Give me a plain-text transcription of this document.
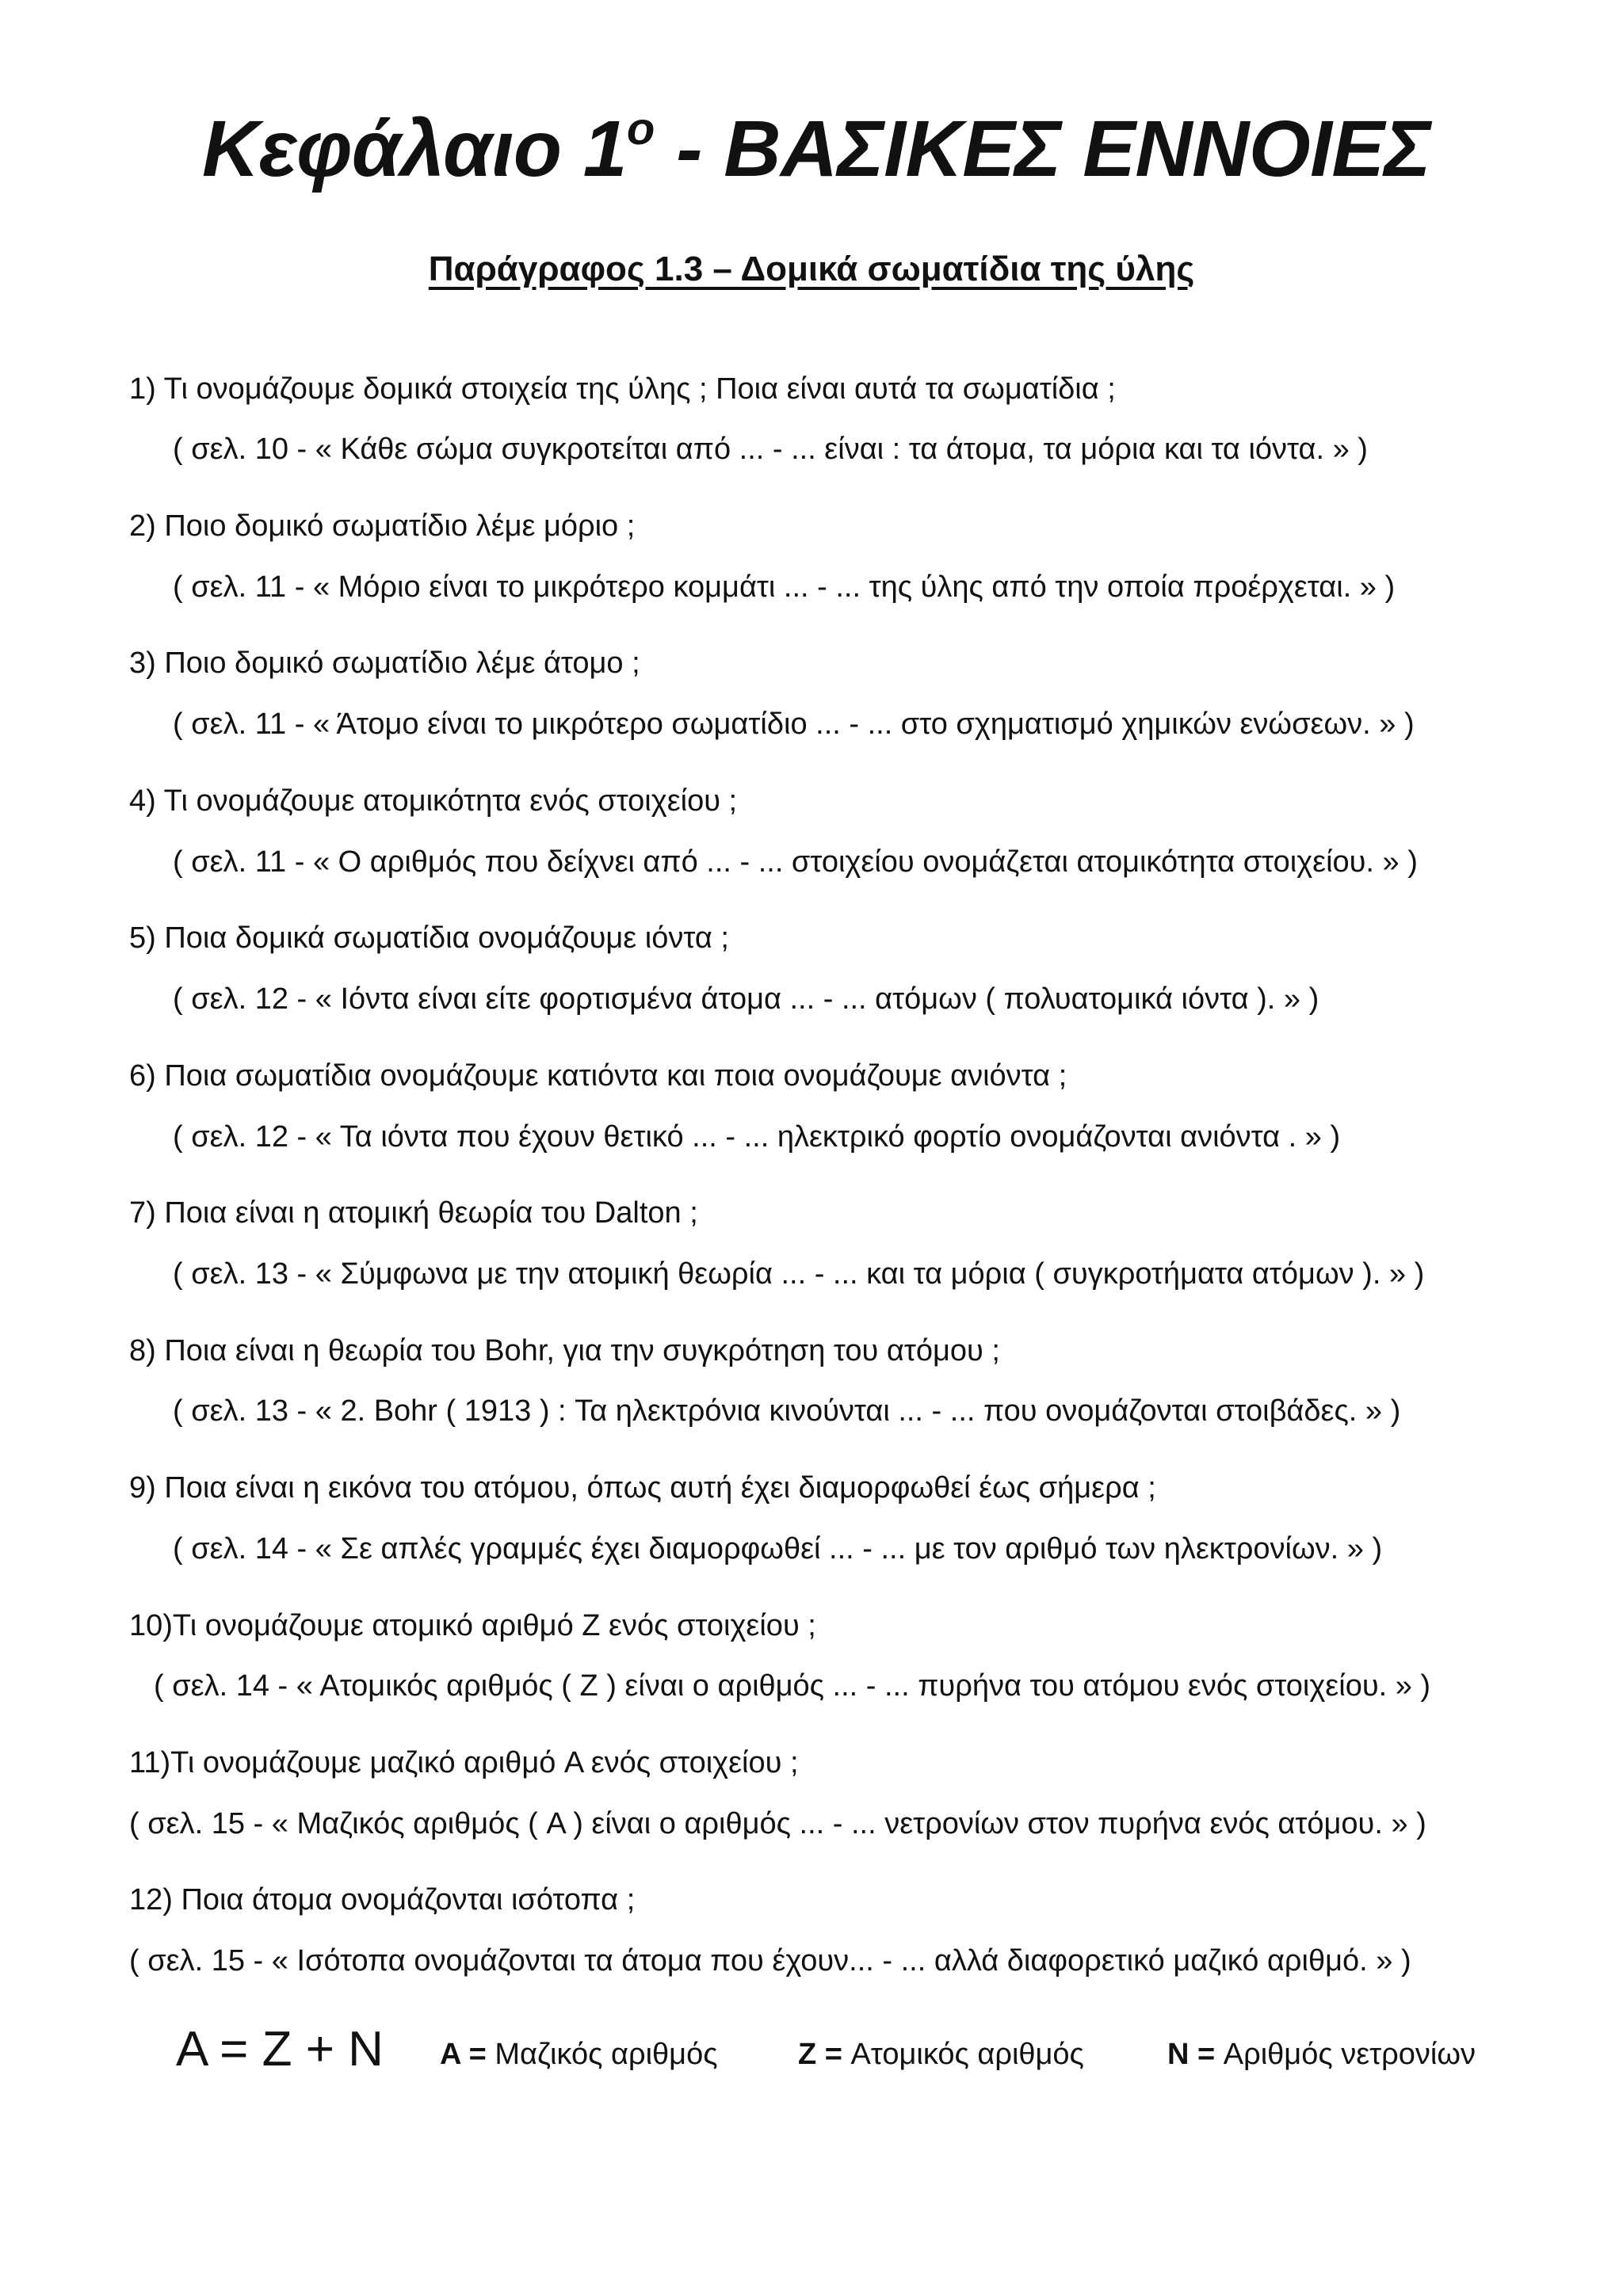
Κεφάλαιο $1^o$ - ΒΑΣΙΚΕΣ ΕΝΝΟΙΕΣ
Παράγραφος 1.3 – Δομικά σωματίδια της ύλης

1) Τι ονομάζουμε δομικά στοιχεία της ύλης ; Ποια είναι αυτά τα σωματίδια ;

( σελ. 10 - « Κάθε σώμα συγκροτείται από ... - ... είναι : τα άτομα, τα μόρια και τα ιόντα. » )

2) Ποιο δομικό σωματίδιο λέμε μόριο ;

( σελ. 11 - « Μόριο είναι το μικρότερο κομμάτι ... - ... της ύλης από την οποία προέρχεται. » )

3) Ποιο δομικό σωματίδιο λέμε άτομο ;

( σελ. 11 - « Άτομο είναι το μικρότερο σωματίδιο ... - ... στο σχηματισμό χημικών ενώσεων. » )

4) Τι ονομάζουμε ατομικότητα ενός στοιχείου ;

( σελ. 11 - « Ο αριθμός που δείχνει από ... - ... στοιχείου ονομάζεται ατομικότητα στοιχείου. » )

5) Ποια δομικά σωματίδια ονομάζουμε ιόντα ;

( σελ. 12 - « Ιόντα είναι είτε φορτισμένα άτομα ... - ... ατόμων ( πολυατομικά ιόντα ). » )

6) Ποια σωματίδια ονομάζουμε κατιόντα και ποια ονομάζουμε ανιόντα ;

( σελ. 12 - « Τα ιόντα που έχουν θετικό ... - ... ηλεκτρικό φορτίο ονομάζονται ανιόντα . » )

7) Ποια είναι η ατομική θεωρία του Dalton ;

( σελ. 13 - « Σύμφωνα με την ατομική θεωρία ... - ... και τα μόρια ( συγκροτήματα ατόμων ). » )

8) Ποια είναι η θεωρία του Bohr, για την συγκρότηση του ατόμου ;

( σελ. 13 - « 2. Bohr ( 1913 ) : Τα ηλεκτρόνια κινούνται ... - ... που ονομάζονται στοιβάδες. » )

9) Ποια είναι η εικόνα του ατόμου, όπως αυτή έχει διαμορφωθεί έως σήμερα ;

( σελ. 14 - « Σε απλές γραμμές έχει διαμορφωθεί ... - ... με τον αριθμό των ηλεκτρονίων. » )

10)Τι ονομάζουμε ατομικό αριθμό Z ενός στοιχείου ;

( σελ. 14 - « Ατομικός αριθμός ( Z ) είναι ο αριθμός ... - ... πυρήνα του ατόμου ενός στοιχείου. » )

11)Τι ονομάζουμε μαζικό αριθμό A ενός στοιχείου ;

( σελ. 15 - « Μαζικός αριθμός ( A ) είναι ο αριθμός ... - ... νετρονίων στον πυρήνα ενός ατόμου. » )

12) Ποια άτομα ονομάζονται ισότοπα ;

( σελ. 15 - « Ισότοπα ονομάζονται τα άτομα που έχουν... - ... αλλά διαφορετικό μαζικό αριθμό. » )

A = Z + N A = Μαζικός αριθμός	Z = Ατομικός αριθμός	N = Αριθμός νετρονίων
